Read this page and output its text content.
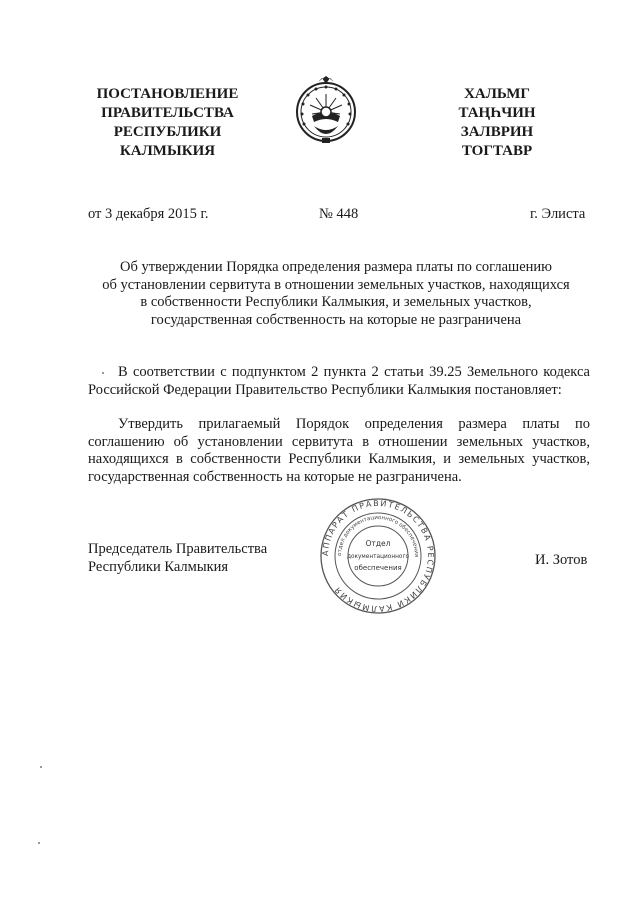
ПОСТАНОВЛЕНИЕ
ПРАВИТЕЛЬСТВА
РЕСПУБЛИКИ
КАЛМЫКИЯ
ХАЛЬМГ
ТАҢҺЧИН
ЗАЛВРИН
ТОГТАВР
от 3 декабря 2015 г.	№ 448	г. Элиста
Об утверждении Порядка определения размера платы по соглашению
об установлении сервитута в отношении земельных участков, находящихся
в собственности Республики Калмыкия, и земельных участков,
государственная собственность на которые не разграничена

В соответствии с подпунктом 2 пункта 2 статьи 39.25 Земельного кодекса Российской Федерации Правительство Республики Калмыкия постановляет:

Утвердить прилагаемый Порядок определения размера платы по соглашению об установлении сервитута в отношении земельных участков, находящихся в собственности Республики Калмыкия, и земельных участков, государственная собственность на которые не разграничена.

Председатель Правительства
Республики Калмыкия
АППАРАТ ПРАВИТЕЛЬСТВА РЕСПУБЛИКИ КАЛМЫКИЯ
отдел документационного обеспечения
Отдел
документационного
обеспечения	И. Зотов
